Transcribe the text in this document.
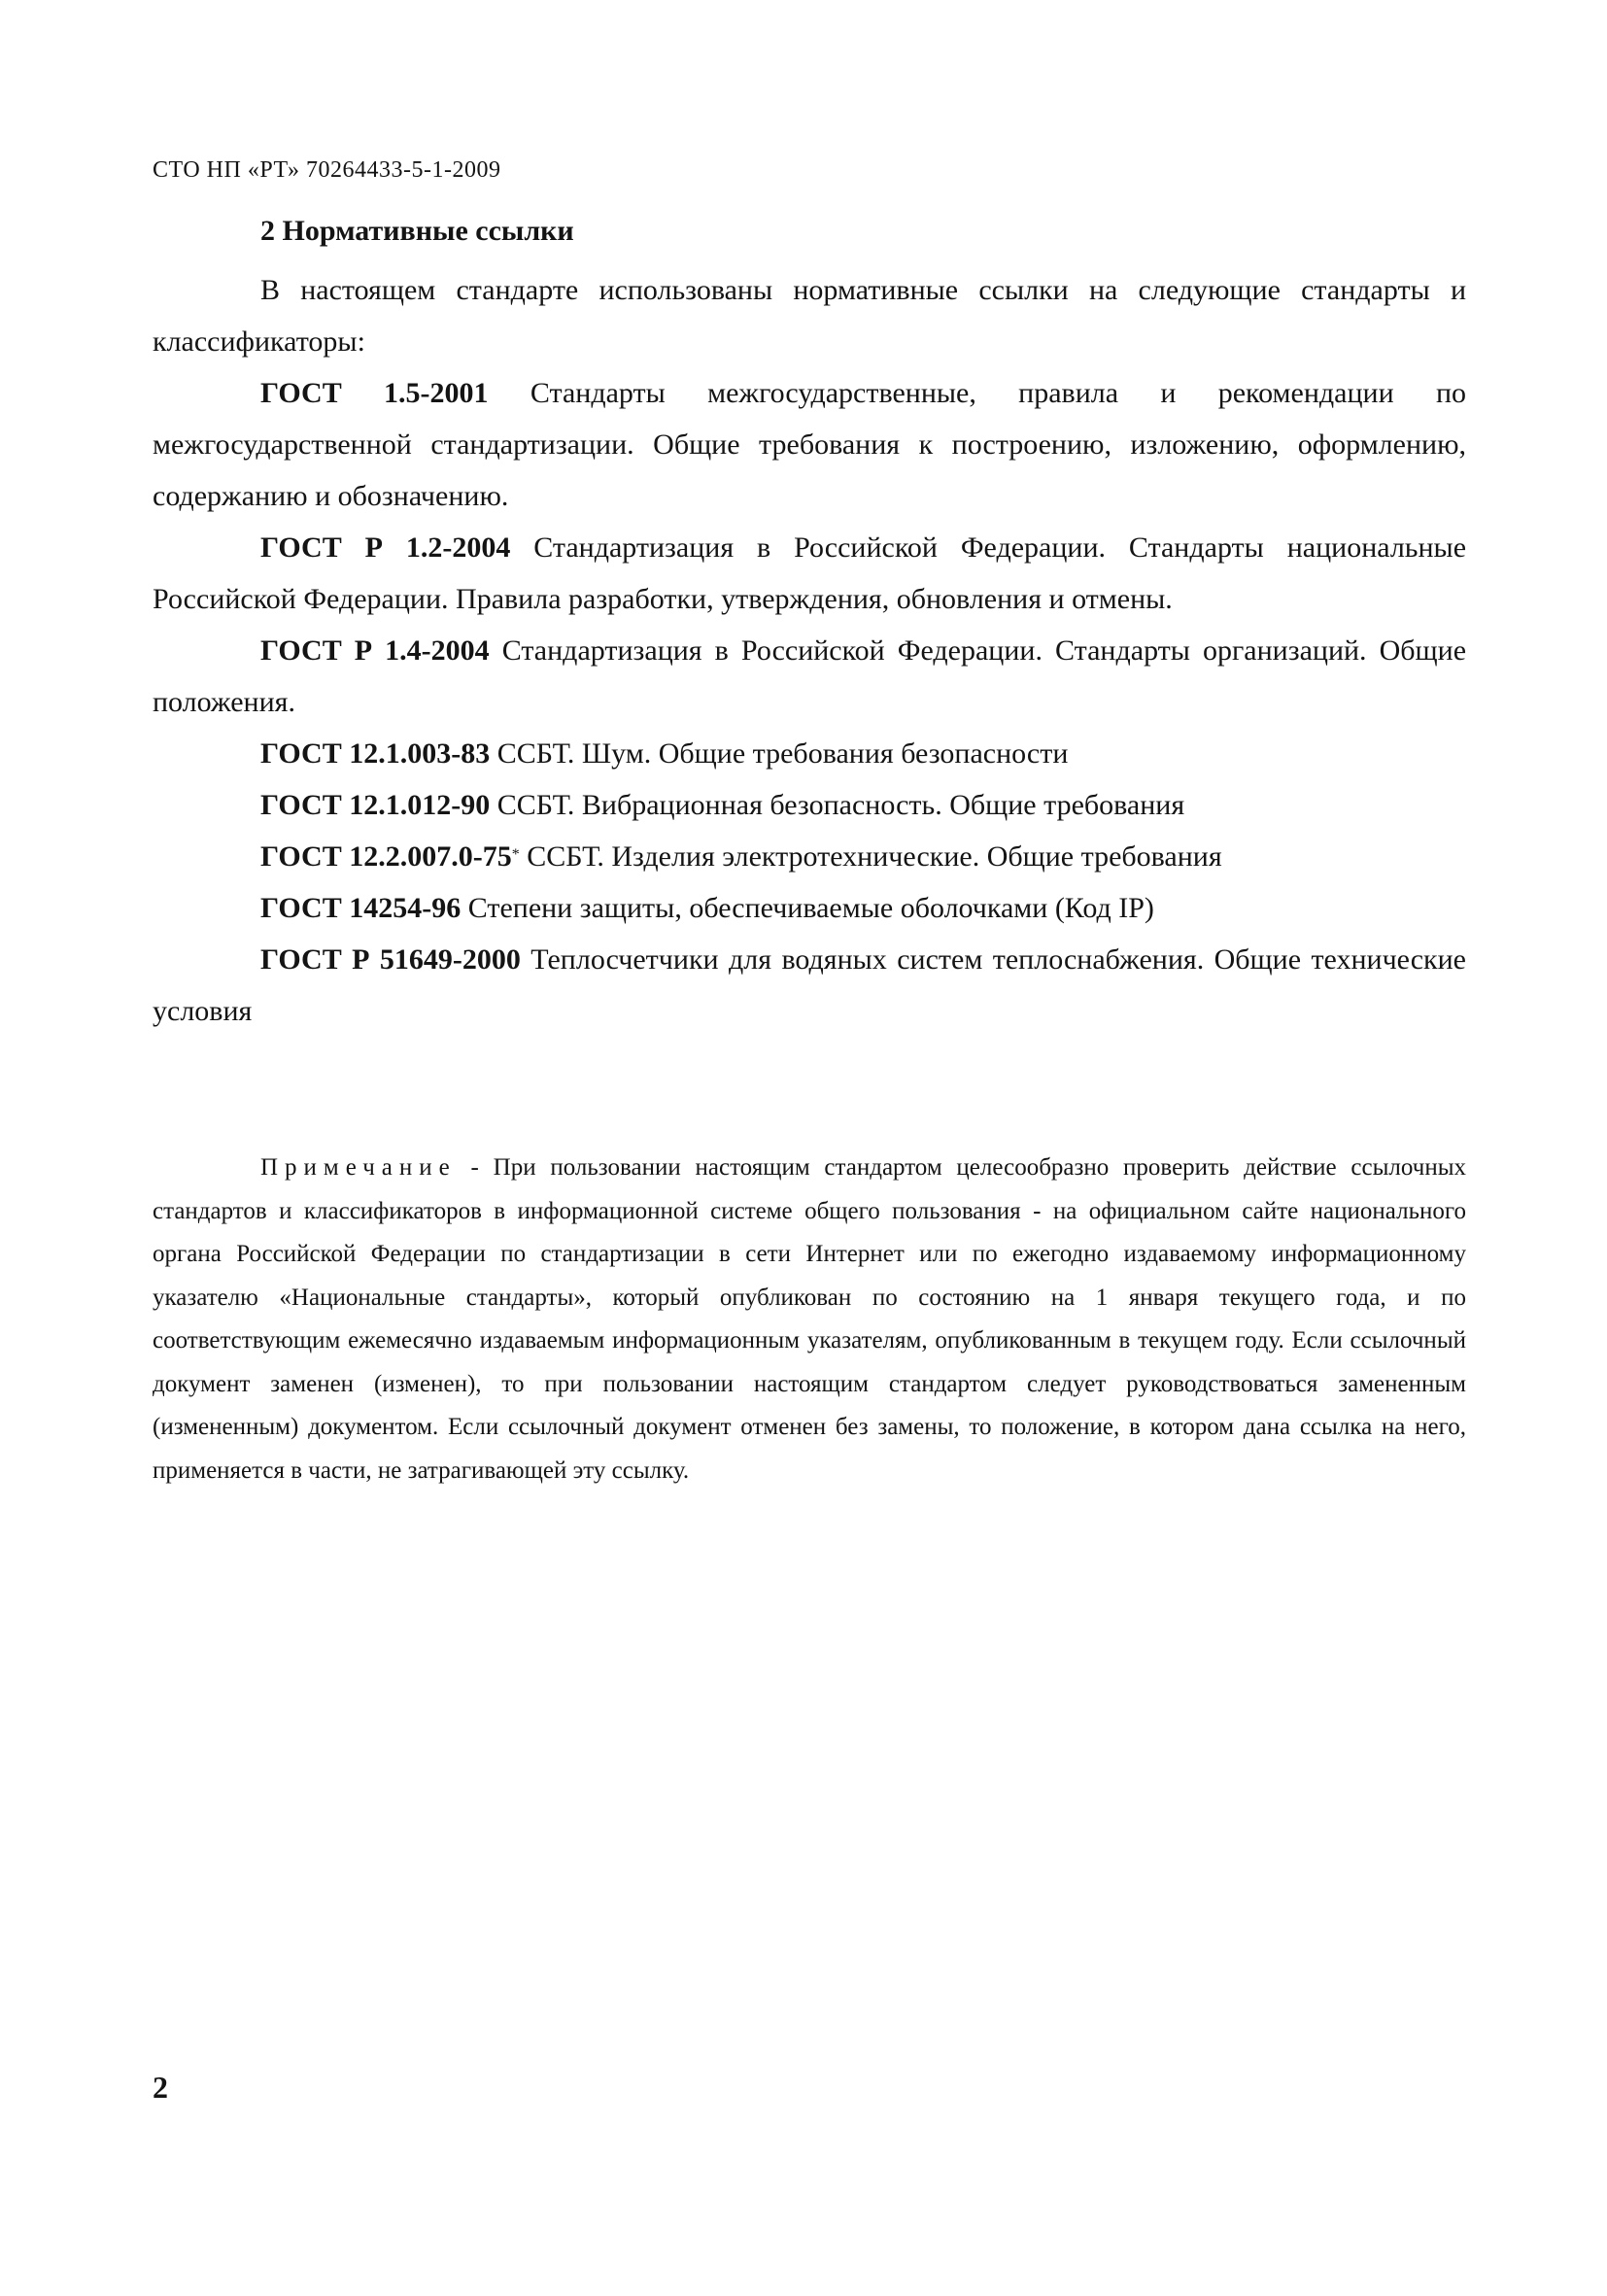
СТО НП «РТ» 70264433-5-1-2009
2 Нормативные ссылки

В настоящем стандарте использованы нормативные ссылки на следующие стандарты и классификаторы:

ГОСТ 1.5-2001 Стандарты межгосударственные, правила и рекомендации по межгосударственной стандартизации. Общие требования к построению, изложению, оформлению, содержанию и обозначению.

ГОСТ Р 1.2-2004 Стандартизация в Российской Федерации. Стандарты национальные Российской Федерации. Правила разработки, утверждения, обновления и отмены.

ГОСТ Р 1.4-2004 Стандартизация в Российской Федерации. Стандарты организаций. Общие положения.

ГОСТ 12.1.003-83 ССБТ. Шум. Общие требования безопасности

ГОСТ 12.1.012-90 ССБТ. Вибрационная безопасность. Общие требования

ГОСТ 12.2.007.0-75* ССБТ. Изделия электротехнические. Общие требования

ГОСТ 14254-96 Степени защиты, обеспечиваемые оболочками (Код IP)

ГОСТ Р 51649-2000 Теплосчетчики для водяных систем теплоснабжения. Общие технические условия

Примечание - При пользовании настоящим стандартом целесообразно проверить действие ссылочных стандартов и классификаторов в информационной системе общего пользования - на официальном сайте национального органа Российской Федерации по стандартизации в сети Интернет или по ежегодно издаваемому информационному указателю «Национальные стандарты», который опубликован по состоянию на 1 января текущего года, и по соответствующим ежемесячно издаваемым информационным указателям, опубликованным в текущем году. Если ссылочный документ заменен (изменен), то при пользовании настоящим стандартом следует руководствоваться замененным (измененным) документом. Если ссылочный документ отменен без замены, то положение, в котором дана ссылка на него, применяется в части, не затрагивающей эту ссылку.

2
